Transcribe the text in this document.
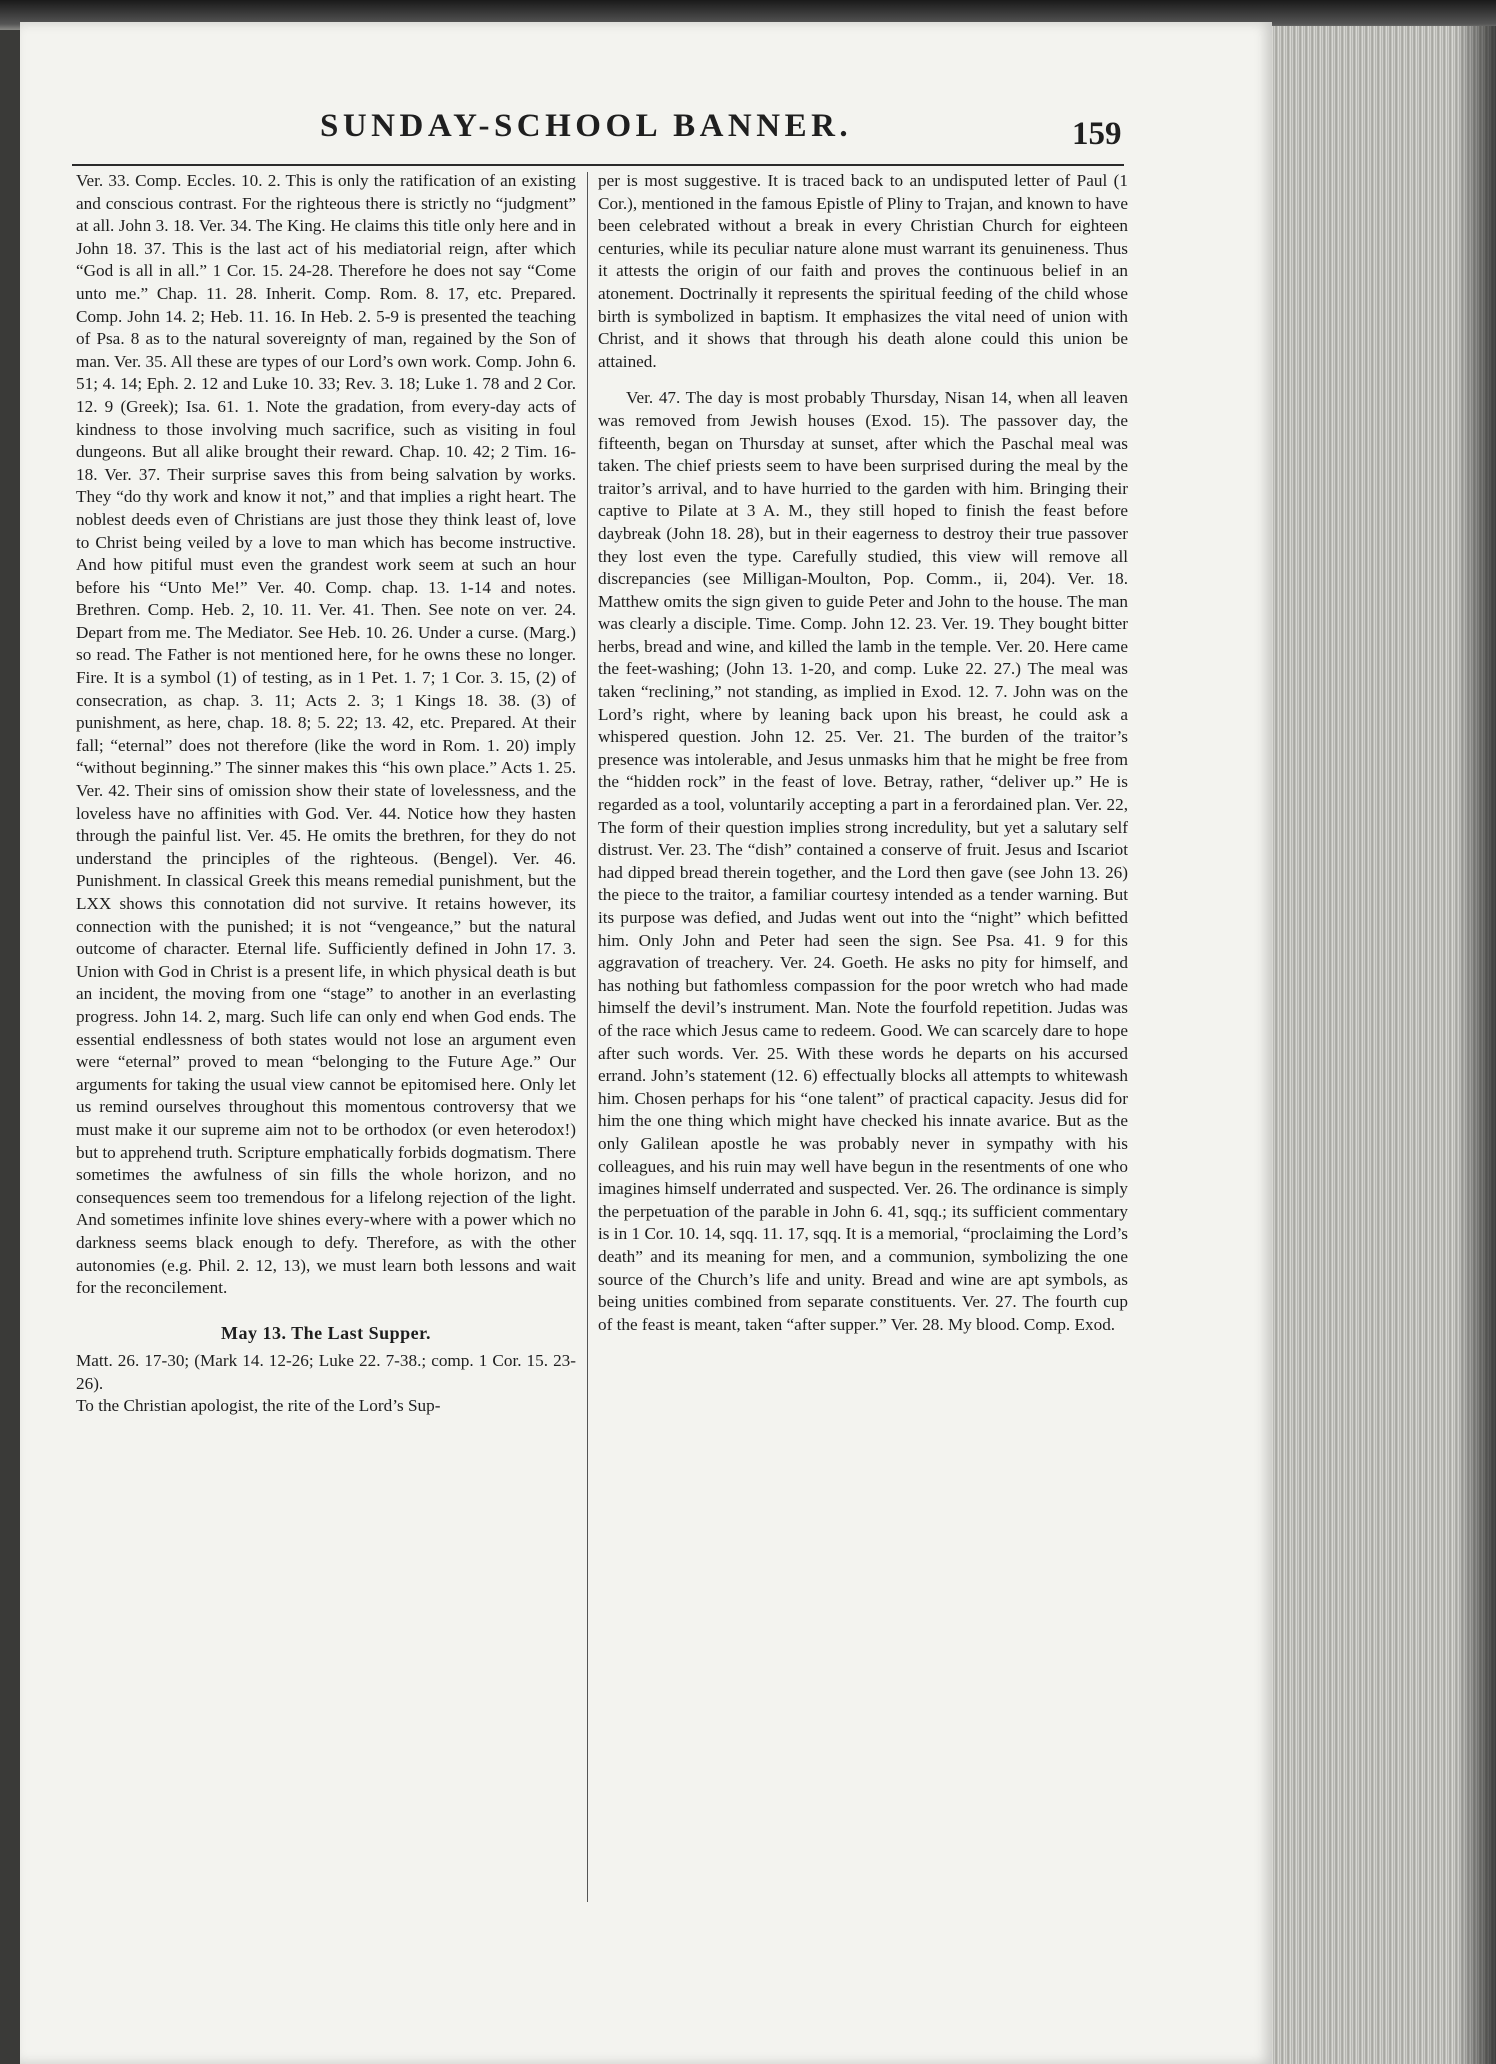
SUNDAY-SCHOOL BANNER.	159

Ver. 33. Comp. Eccles. 10. 2. This is only the ratification of an existing and conscious contrast. For the righteous there is strictly no “judgment” at all. John 3. 18. Ver. 34. The King. He claims this title only here and in John 18. 37. This is the last act of his mediatorial reign, after which “God is all in all.” 1 Cor. 15. 24-28. Therefore he does not say “Come unto me.” Chap. 11. 28. Inherit. Comp. Rom. 8. 17, etc. Prepared. Comp. John 14. 2; Heb. 11. 16. In Heb. 2. 5-9 is presented the teaching of Psa. 8 as to the natural sovereignty of man, regained by the Son of man. Ver. 35. All these are types of our Lord’s own work. Comp. John 6. 51; 4. 14; Eph. 2. 12 and Luke 10. 33; Rev. 3. 18; Luke 1. 78 and 2 Cor. 12. 9 (Greek); Isa. 61. 1. Note the gradation, from every-day acts of kindness to those involving much sacrifice, such as visiting in foul dungeons. But all alike brought their reward. Chap. 10. 42; 2 Tim. 16-18. Ver. 37. Their surprise saves this from being salvation by works. They “do thy work and know it not,” and that implies a right heart. The noblest deeds even of Christians are just those they think least of, love to Christ being veiled by a love to man which has become instructive. And how pitiful must even the grandest work seem at such an hour before his “Unto Me!” Ver. 40. Comp. chap. 13. 1-14 and notes. Brethren. Comp. Heb. 2, 10. 11. Ver. 41. Then. See note on ver. 24. Depart from me. The Mediator. See Heb. 10. 26. Under a curse. (Marg.) so read. The Father is not mentioned here, for he owns these no longer. Fire. It is a symbol (1) of testing, as in 1 Pet. 1. 7; 1 Cor. 3. 15, (2) of consecration, as chap. 3. 11; Acts 2. 3; 1 Kings 18. 38. (3) of punishment, as here, chap. 18. 8; 5. 22; 13. 42, etc. Prepared. At their fall; “eternal” does not therefore (like the word in Rom. 1. 20) imply “without beginning.” The sinner makes this “his own place.” Acts 1. 25. Ver. 42. Their sins of omission show their state of lovelessness, and the loveless have no affinities with God. Ver. 44. Notice how they hasten through the painful list. Ver. 45. He omits the brethren, for they do not understand the principles of the righteous. (Bengel). Ver. 46. Punishment. In classical Greek this means remedial punishment, but the LXX shows this connotation did not survive. It retains however, its connection with the punished; it is not “vengeance,” but the natural outcome of character. Eternal life. Sufficiently defined in John 17. 3. Union with God in Christ is a present life, in which physical death is but an incident, the moving from one “stage” to another in an everlasting progress. John 14. 2, marg. Such life can only end when God ends. The essential endlessness of both states would not lose an argument even were “eternal” proved to mean “belonging to the Future Age.” Our arguments for taking the usual view cannot be epitomised here. Only let us remind ourselves throughout this momentous controversy that we must make it our supreme aim not to be orthodox (or even heterodox!) but to apprehend truth. Scripture emphatically forbids dogmatism. There sometimes the awfulness of sin fills the whole horizon, and no consequences seem too tremendous for a lifelong rejection of the light. And sometimes infinite love shines every-where with a power which no darkness seems black enough to defy. Therefore, as with the other autonomies (e.g. Phil. 2. 12, 13), we must learn both lessons and wait for the reconcilement.

May 13. The Last Supper.

Matt. 26. 17-30; (Mark 14. 12-26; Luke 22. 7-38.; comp. 1 Cor. 15. 23-26).

To the Christian apologist, the rite of the Lord’s Sup-

per is most suggestive. It is traced back to an undisputed letter of Paul (1 Cor.), mentioned in the famous Epistle of Pliny to Trajan, and known to have been celebrated without a break in every Christian Church for eighteen centuries, while its peculiar nature alone must warrant its genuineness. Thus it attests the origin of our faith and proves the continuous belief in an atonement. Doctrinally it represents the spiritual feeding of the child whose birth is symbolized in baptism. It emphasizes the vital need of union with Christ, and it shows that through his death alone could this union be attained.

Ver. 47. The day is most probably Thursday, Nisan 14, when all leaven was removed from Jewish houses (Exod. 15). The passover day, the fifteenth, began on Thursday at sunset, after which the Paschal meal was taken. The chief priests seem to have been surprised during the meal by the traitor’s arrival, and to have hurried to the garden with him. Bringing their captive to Pilate at 3 A. M., they still hoped to finish the feast before daybreak (John 18. 28), but in their eagerness to destroy their true passover they lost even the type. Carefully studied, this view will remove all discrepancies (see Milligan-Moulton, Pop. Comm., ii, 204). Ver. 18. Matthew omits the sign given to guide Peter and John to the house. The man was clearly a disciple. Time. Comp. John 12. 23. Ver. 19. They bought bitter herbs, bread and wine, and killed the lamb in the temple. Ver. 20. Here came the feet-washing; (John 13. 1-20, and comp. Luke 22. 27.) The meal was taken “reclining,” not standing, as implied in Exod. 12. 7. John was on the Lord’s right, where by leaning back upon his breast, he could ask a whispered question. John 12. 25. Ver. 21. The burden of the traitor’s presence was intolerable, and Jesus unmasks him that he might be free from the “hidden rock” in the feast of love. Betray, rather, “deliver up.” He is regarded as a tool, voluntarily accepting a part in a ferordained plan. Ver. 22, The form of their question implies strong incredulity, but yet a salutary self distrust. Ver. 23. The “dish” contained a conserve of fruit. Jesus and Iscariot had dipped bread therein together, and the Lord then gave (see John 13. 26) the piece to the traitor, a familiar courtesy intended as a tender warning. But its purpose was defied, and Judas went out into the “night” which befitted him. Only John and Peter had seen the sign. See Psa. 41. 9 for this aggravation of treachery. Ver. 24. Goeth. He asks no pity for himself, and has nothing but fathomless compassion for the poor wretch who had made himself the devil’s instrument. Man. Note the fourfold repetition. Judas was of the race which Jesus came to redeem. Good. We can scarcely dare to hope after such words. Ver. 25. With these words he departs on his accursed errand. John’s statement (12. 6) effectually blocks all attempts to whitewash him. Chosen perhaps for his “one talent” of practical capacity. Jesus did for him the one thing which might have checked his innate avarice. But as the only Galilean apostle he was probably never in sympathy with his colleagues, and his ruin may well have begun in the resentments of one who imagines himself underrated and suspected. Ver. 26. The ordinance is simply the perpetuation of the parable in John 6. 41, sqq.; its sufficient commentary is in 1 Cor. 10. 14, sqq. 11. 17, sqq. It is a memorial, “proclaiming the Lord’s death” and its meaning for men, and a communion, symbolizing the one source of the Church’s life and unity. Bread and wine are apt symbols, as being unities combined from separate constituents. Ver. 27. The fourth cup of the feast is meant, taken “after supper.” Ver. 28. My blood. Comp. Exod.
